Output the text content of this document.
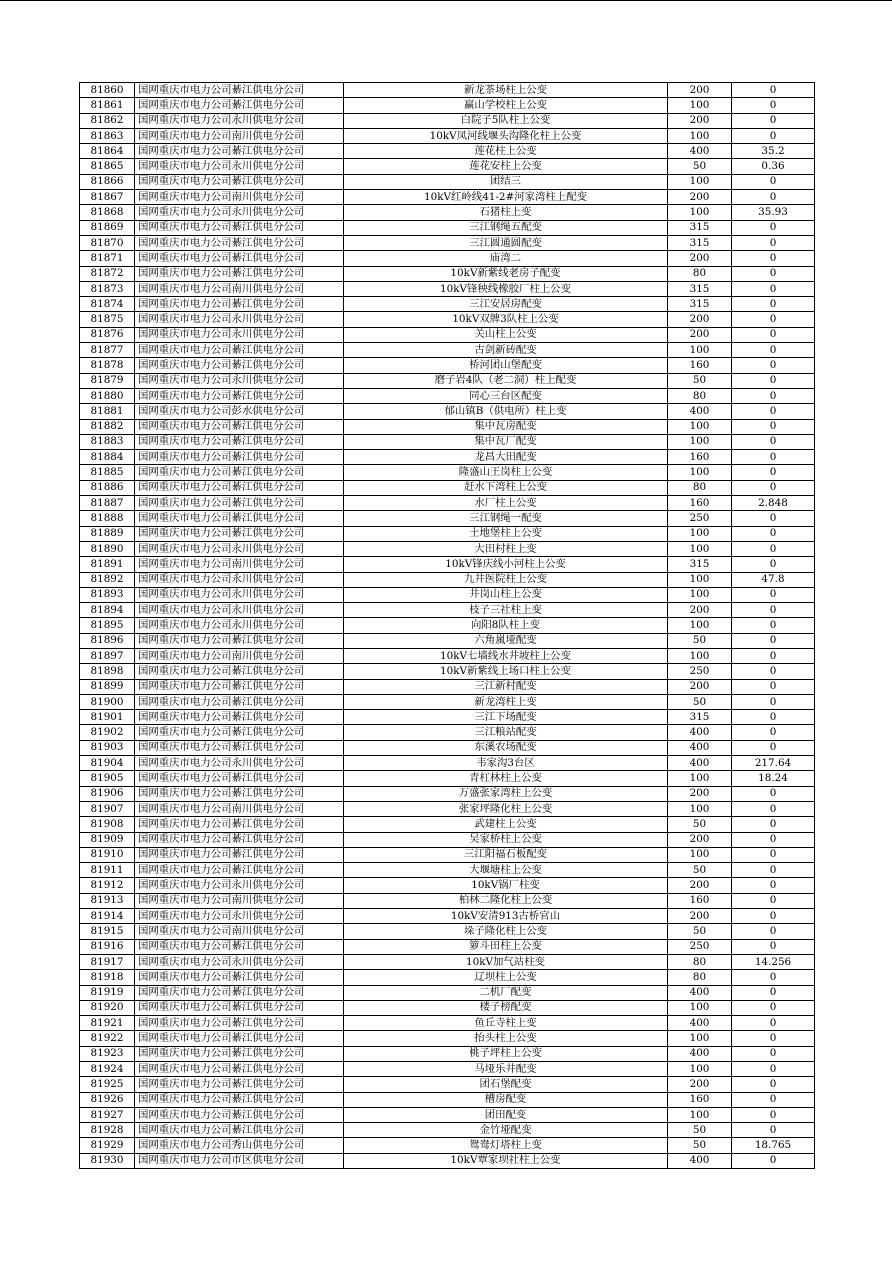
81860	国网重庆市电力公司綦江供电分公司	新龙茶场柱上公变	200	0
81861	国网重庆市电力公司綦江供电分公司	赢山学校柱上公变	100	0
81862	国网重庆市电力公司永川供电分公司	白院子5队柱上公变	200	0
81863	国网重庆市电力公司南川供电分公司	10kV凤河线堰头沟隆化柱上公变	100	0
81864	国网重庆市电力公司綦江供电分公司	莲花柱上公变	400	35.2
81865	国网重庆市电力公司永川供电分公司	莲花安柱上公变	50	0.36
81866	国网重庆市电力公司綦江供电分公司	团结三	100	0
81867	国网重庆市电力公司南川供电分公司	10kV红岭线41-2#河家湾柱上配变	200	0
81868	国网重庆市电力公司永川供电分公司	石猪柱上变	100	35.93
81869	国网重庆市电力公司綦江供电分公司	三江钢绳五配变	315	0
81870	国网重庆市电力公司綦江供电分公司	三江圆通圆配变	315	0
81871	国网重庆市电力公司綦江供电分公司	庙湾二	200	0
81872	国网重庆市电力公司綦江供电分公司	10kV新紫线老房子配变	80	0
81873	国网重庆市电力公司南川供电分公司	10kV锋秧线橡胶厂柱上公变	315	0
81874	国网重庆市电力公司綦江供电分公司	三江安居房配变	315	0
81875	国网重庆市电力公司永川供电分公司	10kV双牌3队柱上公变	200	0
81876	国网重庆市电力公司永川供电分公司	关山柱上公变	200	0
81877	国网重庆市电力公司綦江供电分公司	古剑新砖配变	100	0
81878	国网重庆市电力公司綦江供电分公司	桥河团山堡配变	160	0
81879	国网重庆市电力公司永川供电分公司	磨子岩4队（老二洞）柱上配变	50	0
81880	国网重庆市电力公司綦江供电分公司	同心三台区配变	80	0
81881	国网重庆市电力公司彭水供电分公司	郁山镇B（供电所）柱上变	400	0
81882	国网重庆市电力公司綦江供电分公司	集中瓦房配变	100	0
81883	国网重庆市电力公司綦江供电分公司	集中瓦厂配变	100	0
81884	国网重庆市电力公司綦江供电分公司	龙昌大田配变	160	0
81885	国网重庆市电力公司綦江供电分公司	隆盛山王岗柱上公变	100	0
81886	国网重庆市电力公司綦江供电分公司	赶水下湾柱上公变	80	0
81887	国网重庆市电力公司綦江供电分公司	水厂柱上公变	160	2.848
81888	国网重庆市电力公司綦江供电分公司	三江钢绳一配变	250	0
81889	国网重庆市电力公司綦江供电分公司	土地堡柱上公变	100	0
81890	国网重庆市电力公司永川供电分公司	大田村柱上变	100	0
81891	国网重庆市电力公司南川供电分公司	10kV锋庆线小河柱上公变	315	0
81892	国网重庆市电力公司永川供电分公司	九井医院柱上公变	100	47.8
81893	国网重庆市电力公司永川供电分公司	井岗山柱上公变	100	0
81894	国网重庆市电力公司永川供电分公司	枝子三社柱上变	200	0
81895	国网重庆市电力公司永川供电分公司	向阳8队柱上变	100	0
81896	国网重庆市电力公司綦江供电分公司	六角嵐垭配变	50	0
81897	国网重庆市电力公司南川供电分公司	10kV七墙线水井坡柱上公变	100	0
81898	国网重庆市电力公司綦江供电分公司	10kV新紫线上场口柱上公变	250	0
81899	国网重庆市电力公司綦江供电分公司	三江新村配变	200	0
81900	国网重庆市电力公司綦江供电分公司	新龙湾柱上变	50	0
81901	国网重庆市电力公司綦江供电分公司	三江下场配变	315	0
81902	国网重庆市电力公司綦江供电分公司	三江粮站配变	400	0
81903	国网重庆市电力公司綦江供电分公司	东溪农场配变	400	0
81904	国网重庆市电力公司永川供电分公司	韦家沟3台区	400	217.64
81905	国网重庆市电力公司綦江供电分公司	青杠林柱上公变	100	18.24
81906	国网重庆市电力公司綦江供电分公司	万盛张家湾柱上公变	200	0
81907	国网重庆市电力公司南川供电分公司	张家坪隆化柱上公变	100	0
81908	国网重庆市电力公司綦江供电分公司	武建柱上公变	50	0
81909	国网重庆市电力公司綦江供电分公司	吴家桥柱上公变	200	0
81910	国网重庆市电力公司綦江供电分公司	三江阳福石板配变	100	0
81911	国网重庆市电力公司綦江供电分公司	大堰塘柱上公变	50	0
81912	国网重庆市电力公司永川供电分公司	10kV锅厂柱变	200	0
81913	国网重庆市电力公司南川供电分公司	柏林二隆化柱上公变	160	0
81914	国网重庆市电力公司永川供电分公司	10kV安清913古桥官山	200	0
81915	国网重庆市电力公司南川供电分公司	垛子隆化柱上公变	50	0
81916	国网重庆市电力公司綦江供电分公司	箩斗田柱上公变	250	0
81917	国网重庆市电力公司永川供电分公司	10kV加气站柱变	80	14.256
81918	国网重庆市电力公司綦江供电分公司	辽坝柱上公变	80	0
81919	国网重庆市电力公司綦江供电分公司	二机厂配变	400	0
81920	国网重庆市电力公司綦江供电分公司	楼子榜配变	100	0
81921	国网重庆市电力公司綦江供电分公司	鱼丘寺柱上变	400	0
81922	国网重庆市电力公司綦江供电分公司	抬头柱上公变	100	0
81923	国网重庆市电力公司綦江供电分公司	桃子坪柱上公变	400	0
81924	国网重庆市电力公司綦江供电分公司	马垭乐井配变	100	0
81925	国网重庆市电力公司綦江供电分公司	团石堡配变	200	0
81926	国网重庆市电力公司綦江供电分公司	槽房配变	160	0
81927	国网重庆市电力公司綦江供电分公司	团田配变	100	0
81928	国网重庆市电力公司綦江供电分公司	金竹垭配变	50	0
81929	国网重庆市电力公司秀山供电分公司	鸳鸯灯塔柱上变	50	18.765
81930	国网重庆市电力公司市区供电分公司	10kV覃家坝社柱上公变	400	0
